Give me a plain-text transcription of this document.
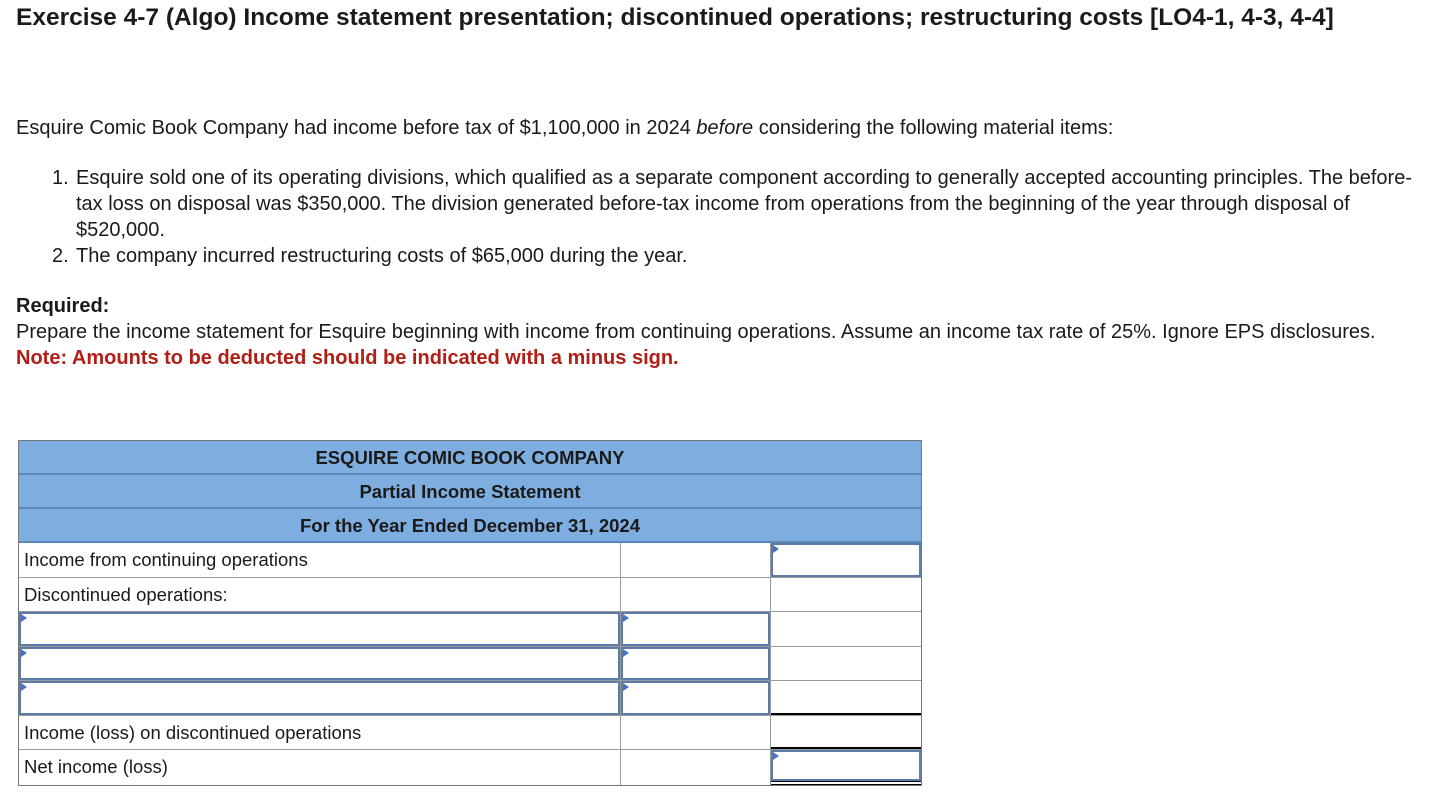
Exercise 4-7 (Algo) Income statement presentation; discontinued operations; restructuring costs [LO4-1, 4-3, 4-4]

Esquire Comic Book Company had income before tax of $1,100,000 in 2024 before considering the following material items:

1. Esquire sold one of its operating divisions, which qualified as a separate component according to generally accepted accounting principles. The before-tax loss on disposal was $350,000. The division generated before-tax income from operations from the beginning of the year through disposal of $520,000.
2. The company incurred restructuring costs of $65,000 during the year.
Required:
Prepare the income statement for Esquire beginning with income from continuing operations. Assume an income tax rate of 25%. Ignore EPS disclosures.
Note: Amounts to be deducted should be indicated with a minus sign.
ESQUIRE COMIC BOOK COMPANY
Partial Income Statement
For the Year Ended December 31, 2024
Income from continuing operations
Discontinued operations:
Income (loss) on discontinued operations
Net income (loss)
